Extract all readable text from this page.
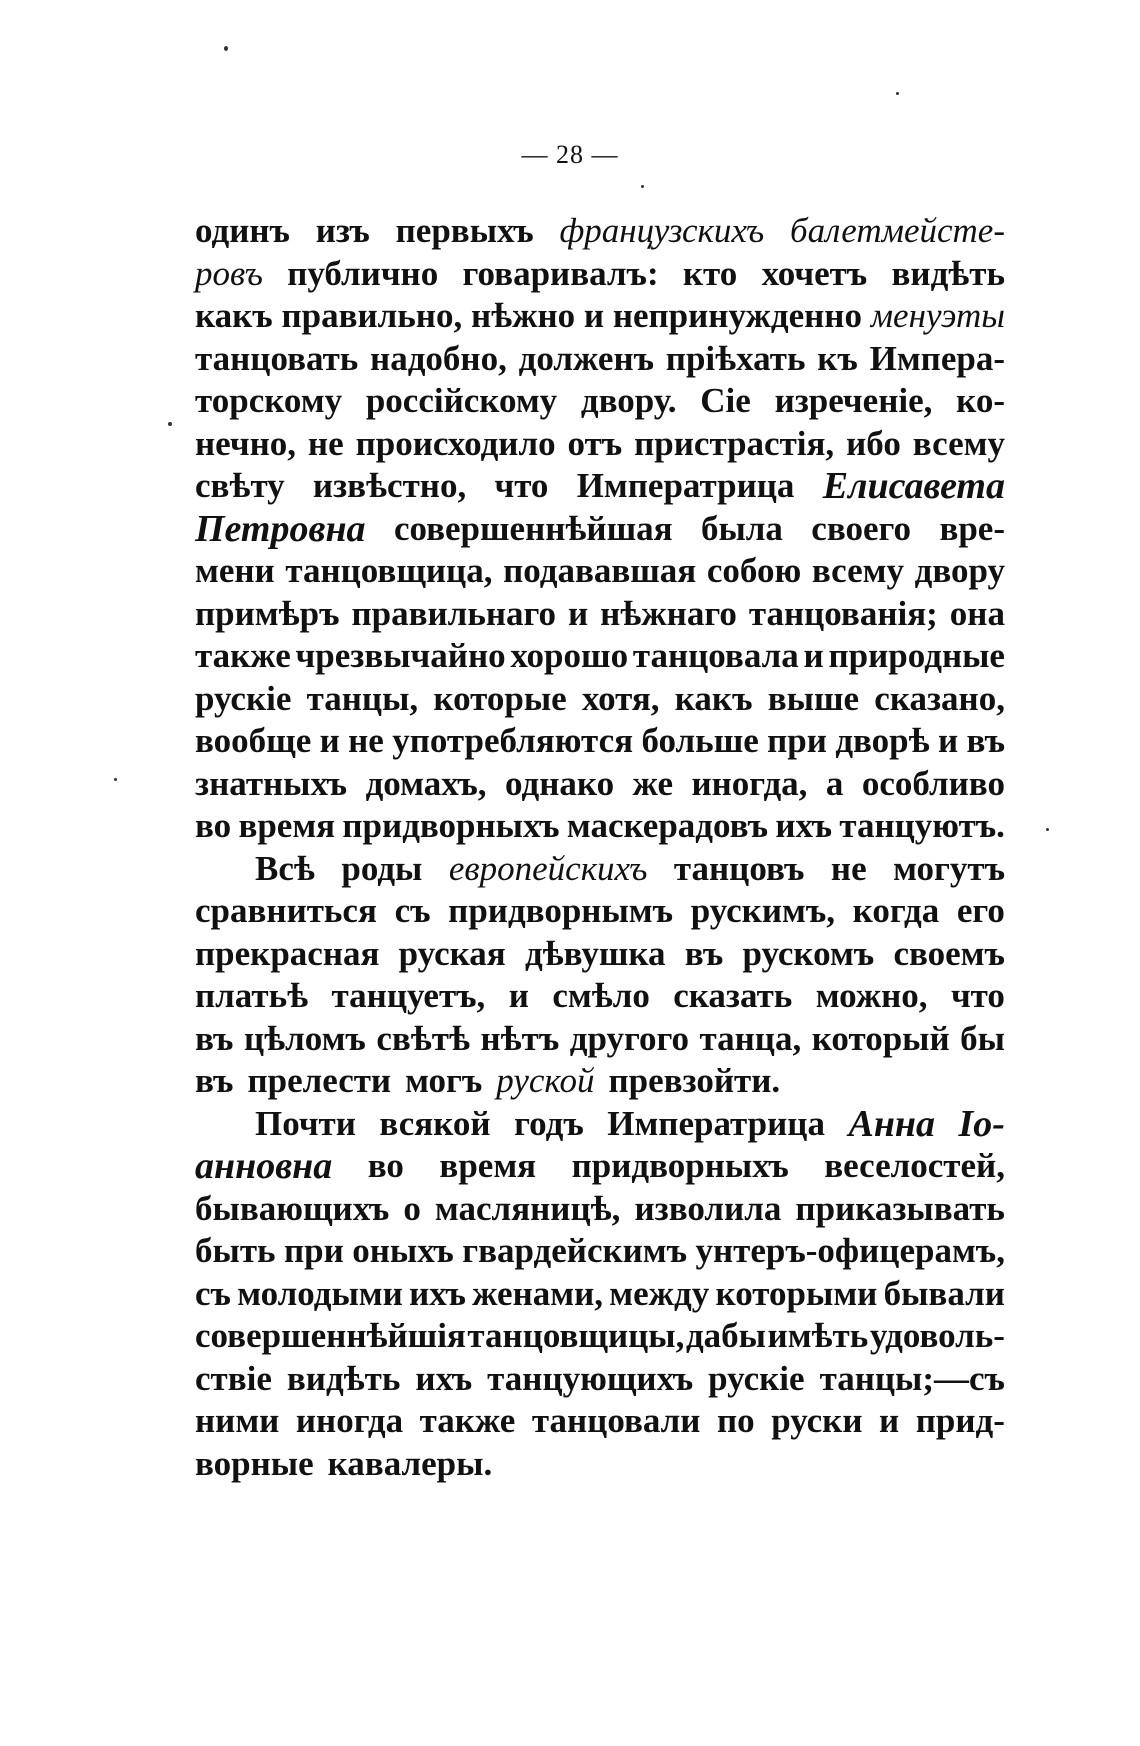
— 28 —
одинъ изъ первыхъ французскихъ балетмейсте-
ровъ публично говаривалъ: кто хочетъ видѣть
какъ правильно, нѣжно и непринужденно менуэты
танцовать надобно, долженъ пріѣхать къ Импера-
торскому россійскому двору. Сіе изреченіе, ко-
нечно, не происходило отъ пристрастія, ибо всему
свѣту извѣстно, что Императрица Елисавета
Петровна совершеннѣйшая была своего вре-
мени танцовщица, подававшая собою всему двору
примѣръ правильнаго и нѣжнаго танцованія; она
также чрезвычайно хорошо танцовала и природные
рускіе танцы, которые хотя, какъ выше сказано,
вообще и не употребляются больше при дворѣ и въ
знатныхъ домахъ, однако же иногда, а особливо
во время придворныхъ маскерадовъ ихъ танцуютъ.
Всѣ роды европейскихъ танцовъ не могутъ
сравниться съ придворнымъ рускимъ, когда его
прекрасная руская дѣвушка въ рускомъ своемъ
платьѣ танцуетъ, и смѣло сказать можно, что
въ цѣломъ свѣтѣ нѣтъ другого танца, который бы
въ прелести могъ руской превзойти.
Почти всякой годъ Императрица Анна Іо-
анновна во время придворныхъ веселостей,
бывающихъ о масляницѣ, изволила приказывать
быть при оныхъ гвардейскимъ унтеръ-офицерамъ,
съ молодыми ихъ женами, между которыми бывали
совершеннѣйшія танцовщицы, дабы имѣть удоволь-
ствіе видѣть ихъ танцующихъ рускіе танцы;—съ
ними иногда также танцовали по руски и прид-
ворные кавалеры.
